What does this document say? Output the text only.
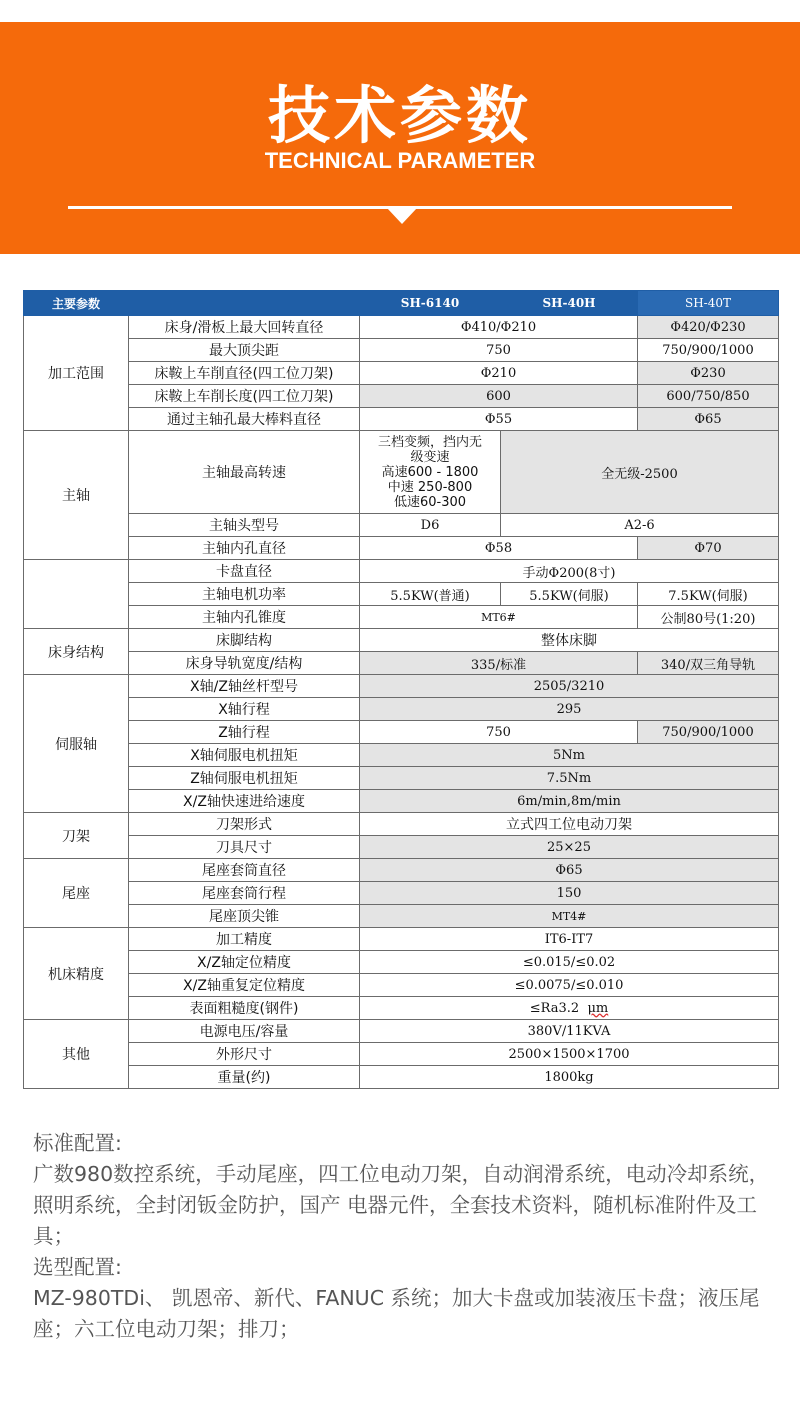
技术参数
TECHNICAL PARAMETER
主要参数		SH-6140	SH-40H	SH-40T
加工范围	床身/滑板上最大回转直径	Φ410/Φ210		Φ420/Φ230
	最大顶尖距	750		750/900/1000
	床鞍上车削直径(四工位刀架)	Φ210		Φ230
	床鞍上车削长度(四工位刀架)	600		600/750/850
	通过主轴孔最大棒料直径	Φ55		Φ65
主轴	主轴最高转速	三档变频，挡内无
级变速
高速600 - 1800
中速 250-800
低速60-300	全无级-2500	
	主轴头型号	D6	A2-6	
	主轴内孔直径	Φ58		Φ70
	卡盘直径	手动Φ200(8寸)		
	主轴电机功率	5.5KW(普通)	5.5KW(伺服)	7.5KW(伺服)
	主轴内孔锥度	MT6#		公制80号(1:20)
床身结构	床脚结构	整体床脚		
	床身导轨宽度/结构	335/标准		340/双三角导轨
伺服轴	X轴/Z轴丝杆型号	2505/3210		
	X轴行程	295		
	Z轴行程	750		750/900/1000
	X轴伺服电机扭矩	5Nm		
	Z轴伺服电机扭矩	7.5Nm		
	X/Z轴快速进给速度	6m/min,8m/min		
刀架	刀架形式	立式四工位电动刀架		
	刀具尺寸	25×25		
尾座	尾座套筒直径	Φ65		
	尾座套筒行程	150		
	尾座顶尖锥	MT4#		
机床精度	加工精度	IT6-IT7		
	X/Z轴定位精度	≤0.015/≤0.02		
	X/Z轴重复定位精度	≤0.0075/≤0.010		
	表面粗糙度(钢件)	≤Ra3.2 μm		
其他	电源电压/容量	380V/11KVA		
	外形尺寸	2500×1500×1700		
	重量(约)	1800kg		

标准配置:

广数980数控系统，手动尾座，四工位电动刀架，自动润滑系统，电动冷却系统，照明系统，全封闭钣金防护，国产 电器元件，全套技术资料，随机标准附件及工具；

选型配置:

MZ-980TDi、 凯恩帝、新代、FANUC 系统；加大卡盘或加装液压卡盘；液压尾座；六工位电动刀架；排刀；
